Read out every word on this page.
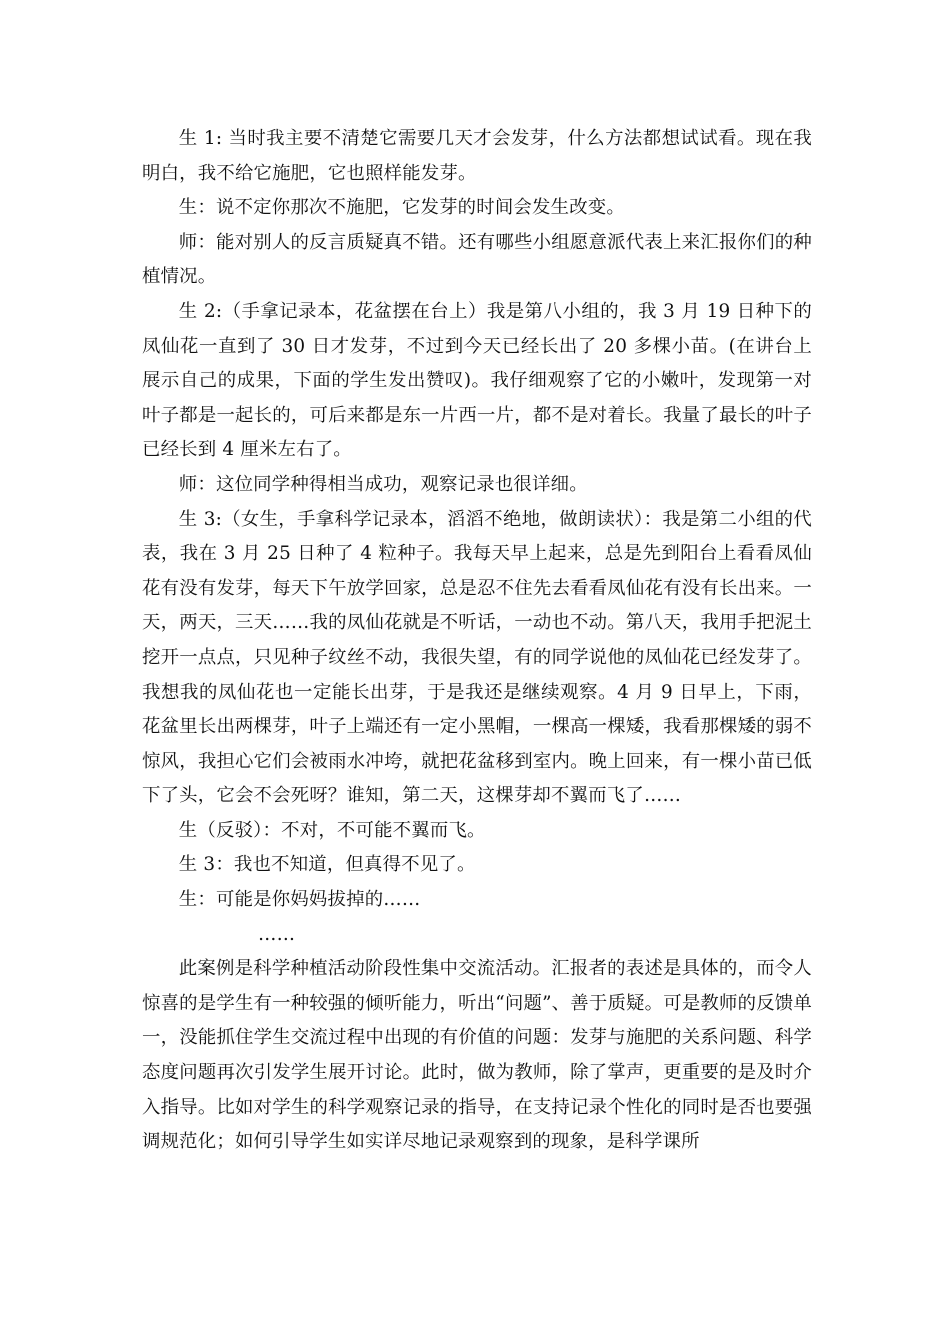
生 1: 当时我主要不清楚它需要几天才会发芽，什么方法都想试试看。现在我明白，我不给它施肥，它也照样能发芽。

生：说不定你那次不施肥，它发芽的时间会发生改变。

师：能对别人的反言质疑真不错。还有哪些小组愿意派代表上来汇报你们的种植情况。

生 2:（手拿记录本，花盆摆在台上）我是第八小组的，我 3 月 19 日种下的凤仙花一直到了 30 日才发芽，不过到今天已经长出了 20 多棵小苗。(在讲台上展示自己的成果，下面的学生发出赞叹)。我仔细观察了它的小嫩叶，发现第一对叶子都是一起长的，可后来都是东一片西一片，都不是对着长。我量了最长的叶子已经长到 4 厘米左右了。

师：这位同学种得相当成功，观察记录也很详细。

生 3:（女生，手拿科学记录本，滔滔不绝地，做朗读状）：我是第二小组的代表，我在 3 月 25 日种了 4 粒种子。我每天早上起来，总是先到阳台上看看凤仙花有没有发芽，每天下午放学回家，总是忍不住先去看看凤仙花有没有长出来。一天，两天，三天……我的凤仙花就是不听话，一动也不动。第八天，我用手把泥土挖开一点点，只见种子纹丝不动，我很失望，有的同学说他的凤仙花已经发芽了。我想我的凤仙花也一定能长出芽，于是我还是继续观察。4 月 9 日早上，下雨，花盆里长出两棵芽，叶子上端还有一定小黑帽，一棵高一棵矮，我看那棵矮的弱不惊风，我担心它们会被雨水冲垮，就把花盆移到室内。晚上回来，有一棵小苗已低下了头，它会不会死呀？谁知，第二天，这棵芽却不翼而飞了……

生（反驳）：不对，不可能不翼而飞。

生 3：我也不知道，但真得不见了。

生：可能是你妈妈拔掉的……

……

此案例是科学种植活动阶段性集中交流活动。汇报者的表述是具体的，而令人惊喜的是学生有一种较强的倾听能力，听出“问题”、善于质疑。可是教师的反馈单一，没能抓住学生交流过程中出现的有价值的问题：发芽与施肥的关系问题、科学态度问题再次引发学生展开讨论。此时，做为教师，除了掌声，更重要的是及时介入指导。比如对学生的科学观察记录的指导，在支持记录个性化的同时是否也要强调规范化；如何引导学生如实详尽地记录观察到的现象，是科学课所
